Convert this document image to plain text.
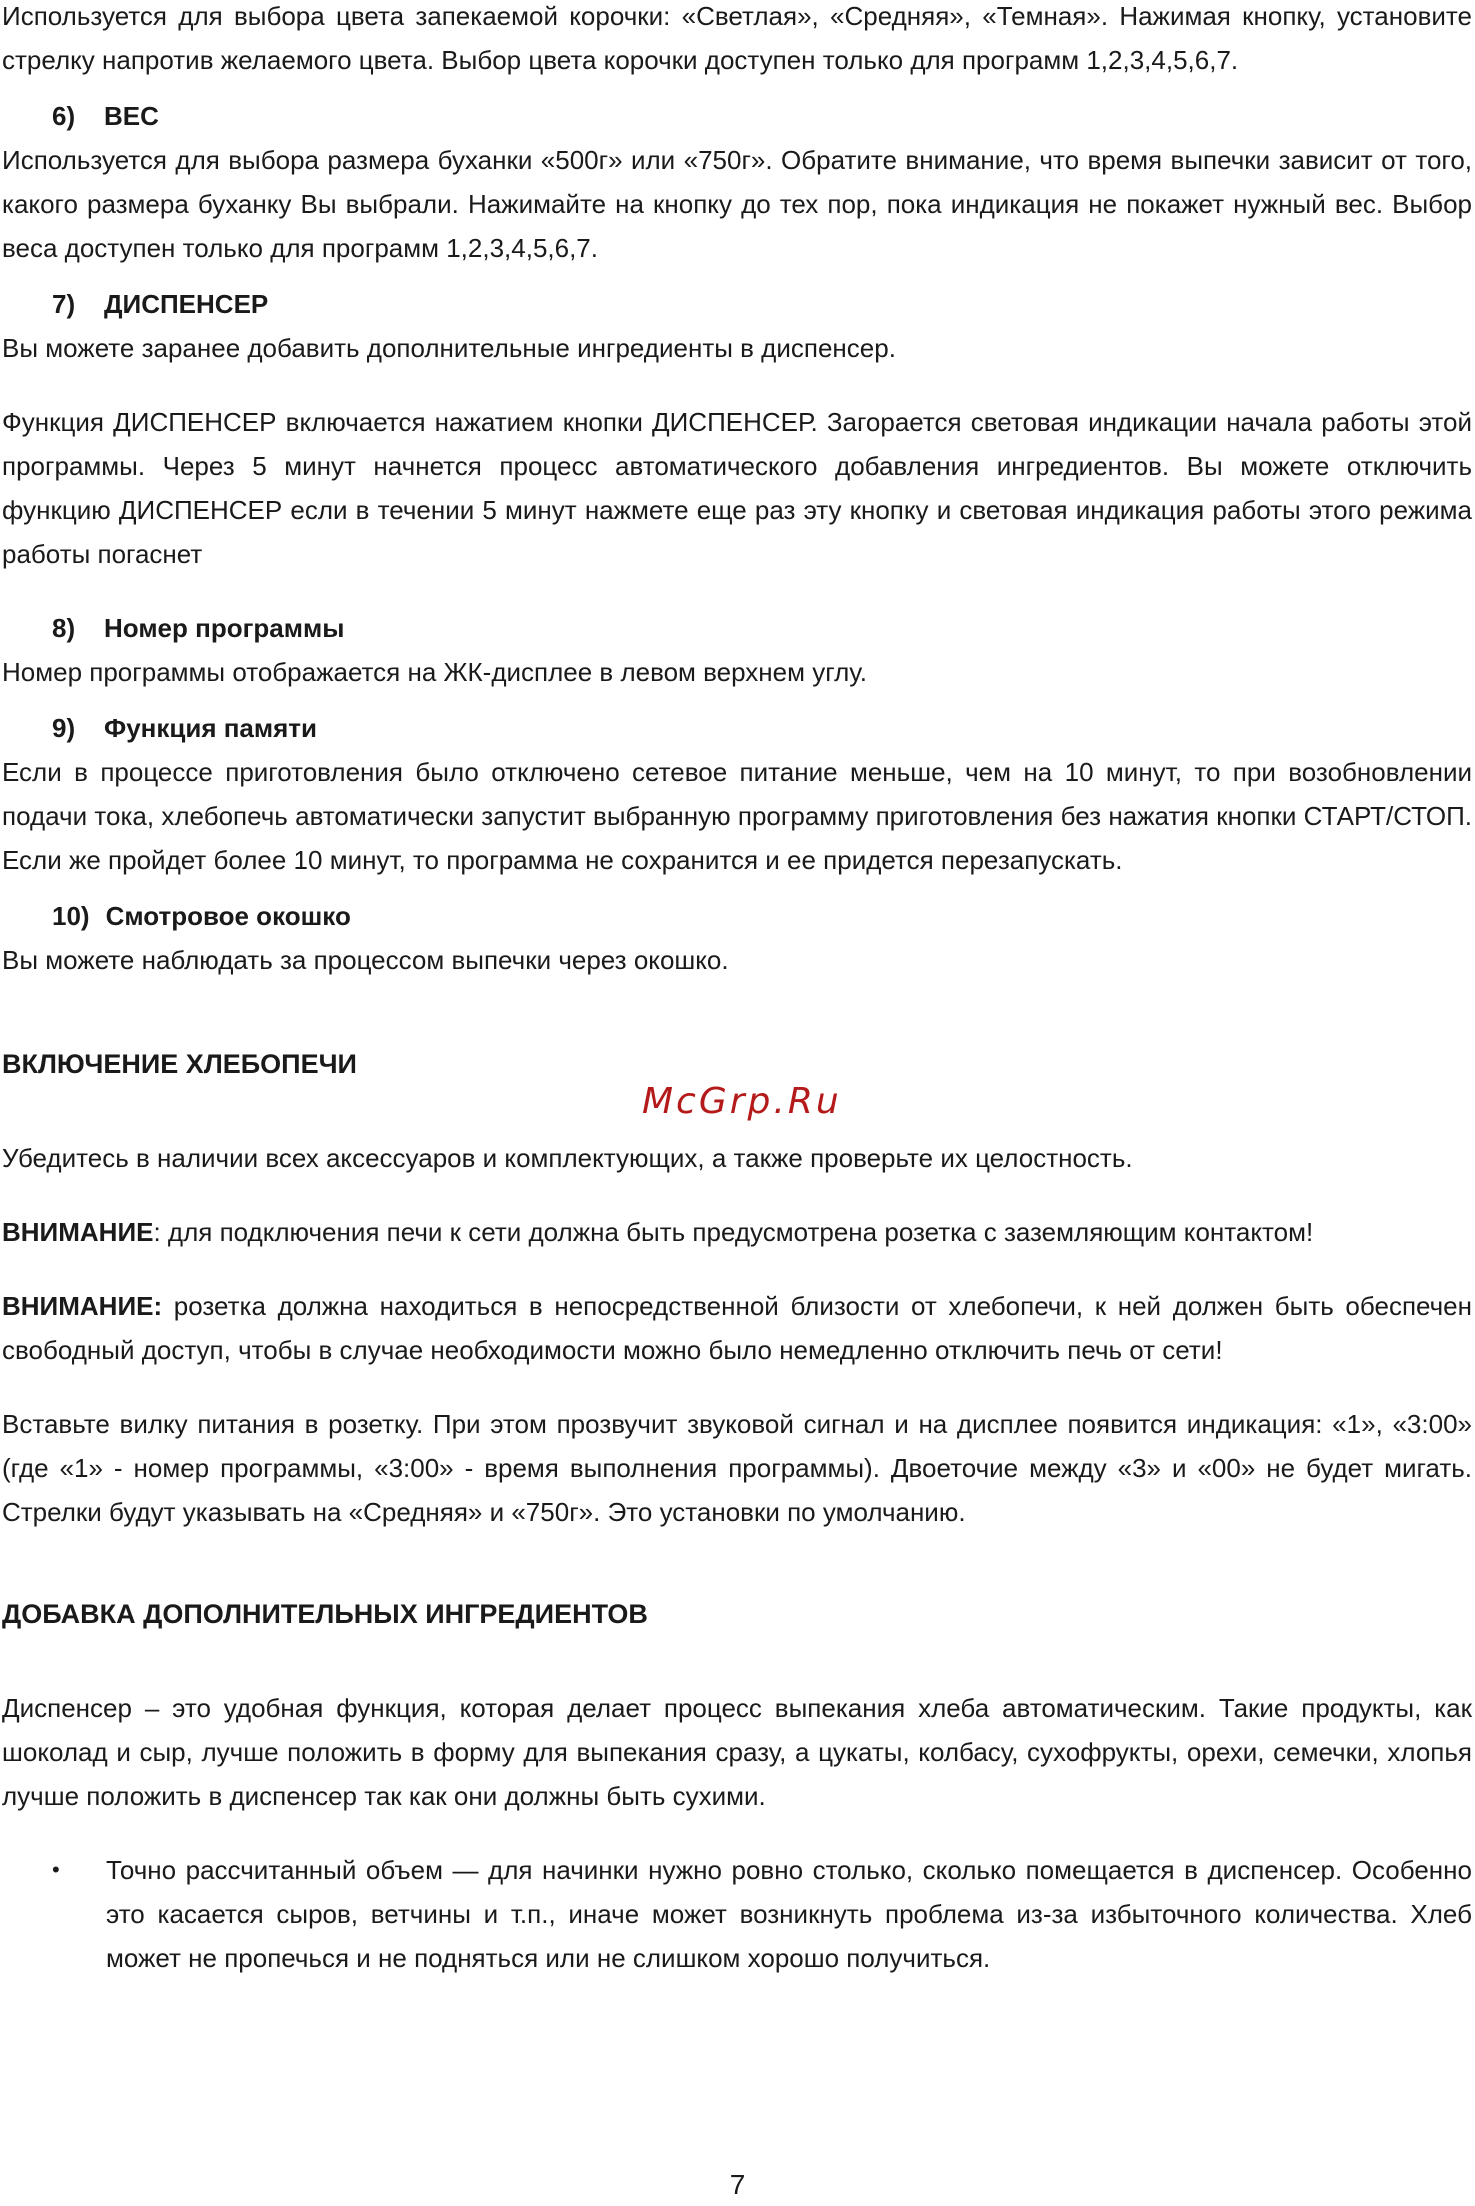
Используется для выбора цвета запекаемой корочки: «Светлая», «Средняя», «Темная». Нажимая кнопку, установите стрелку напротив желаемого цвета. Выбор цвета корочки доступен только для программ 1,2,3,4,5,6,7.

6) ВЕС

Используется для выбора размера буханки «500г» или «750г». Обратите внимание, что время выпечки зависит от того, какого размера буханку Вы выбрали. Нажимайте на кнопку до тех пор, пока индикация не покажет нужный вес. Выбор веса доступен только для программ 1,2,3,4,5,6,7.

7) ДИСПЕНСЕР

Вы можете заранее добавить дополнительные ингредиенты в диспенсер.

Функция ДИСПЕНСЕР включается нажатием кнопки ДИСПЕНСЕР. Загорается световая индикации начала работы этой программы. Через 5 минут начнется процесс автоматического добавления ингредиентов. Вы можете отключить функцию ДИСПЕНСЕР если в течении 5 минут нажмете еще раз эту кнопку и световая индикация работы этого режима работы погаснет

8) Номер программы

Номер программы отображается на ЖК-дисплее в левом верхнем углу.

9) Функция памяти

Если в процессе приготовления было отключено сетевое питание меньше, чем на 10 минут, то при возобновлении подачи тока, хлебопечь автоматически запустит выбранную программу приготовления без нажатия кнопки СТАРТ/СТОП. Если же пройдет более 10 минут, то программа не сохранится и ее придется перезапускать.

10) Смотровое окошко

Вы можете наблюдать за процессом выпечки через окошко.

ВКЛЮЧЕНИЕ ХЛЕБОПЕЧИ

Убедитесь в наличии всех аксессуаров и комплектующих, а также проверьте их целостность.

ВНИМАНИЕ: для подключения печи к сети должна быть предусмотрена розетка с заземляющим контактом!

ВНИМАНИЕ: розетка должна находиться в непосредственной близости от хлебопечи, к ней должен быть обеспечен свободный доступ, чтобы в случае необходимости можно было немедленно отключить печь от сети!

Вставьте вилку питания в розетку. При этом прозвучит звуковой сигнал и на дисплее появится индикация: «1», «3:00» (где «1» - номер программы, «3:00» - время выполнения программы). Двоеточие между «3» и «00» не будет мигать. Стрелки будут указывать на «Средняя» и «750г». Это установки по умолчанию.

ДОБАВКА ДОПОЛНИТЕЛЬНЫХ ИНГРЕДИЕНТОВ

Диспенсер – это удобная функция, которая делает процесс выпекания хлеба автоматическим. Такие продукты, как шоколад и сыр, лучше положить в форму для выпекания сразу, а цукаты, колбасу, сухофрукты, орехи, семечки, хлопья лучше положить в диспенсер так как они должны быть сухими.

• Точно рассчитанный объем — для начинки нужно ровно столько, сколько помещается в диспенсер. Особенно это касается сыров, ветчины и т.п., иначе может возникнуть проблема из-за избыточного количества. Хлеб может не пропечься и не подняться или не слишком хорошо получиться.
McGrp.Ru
7
